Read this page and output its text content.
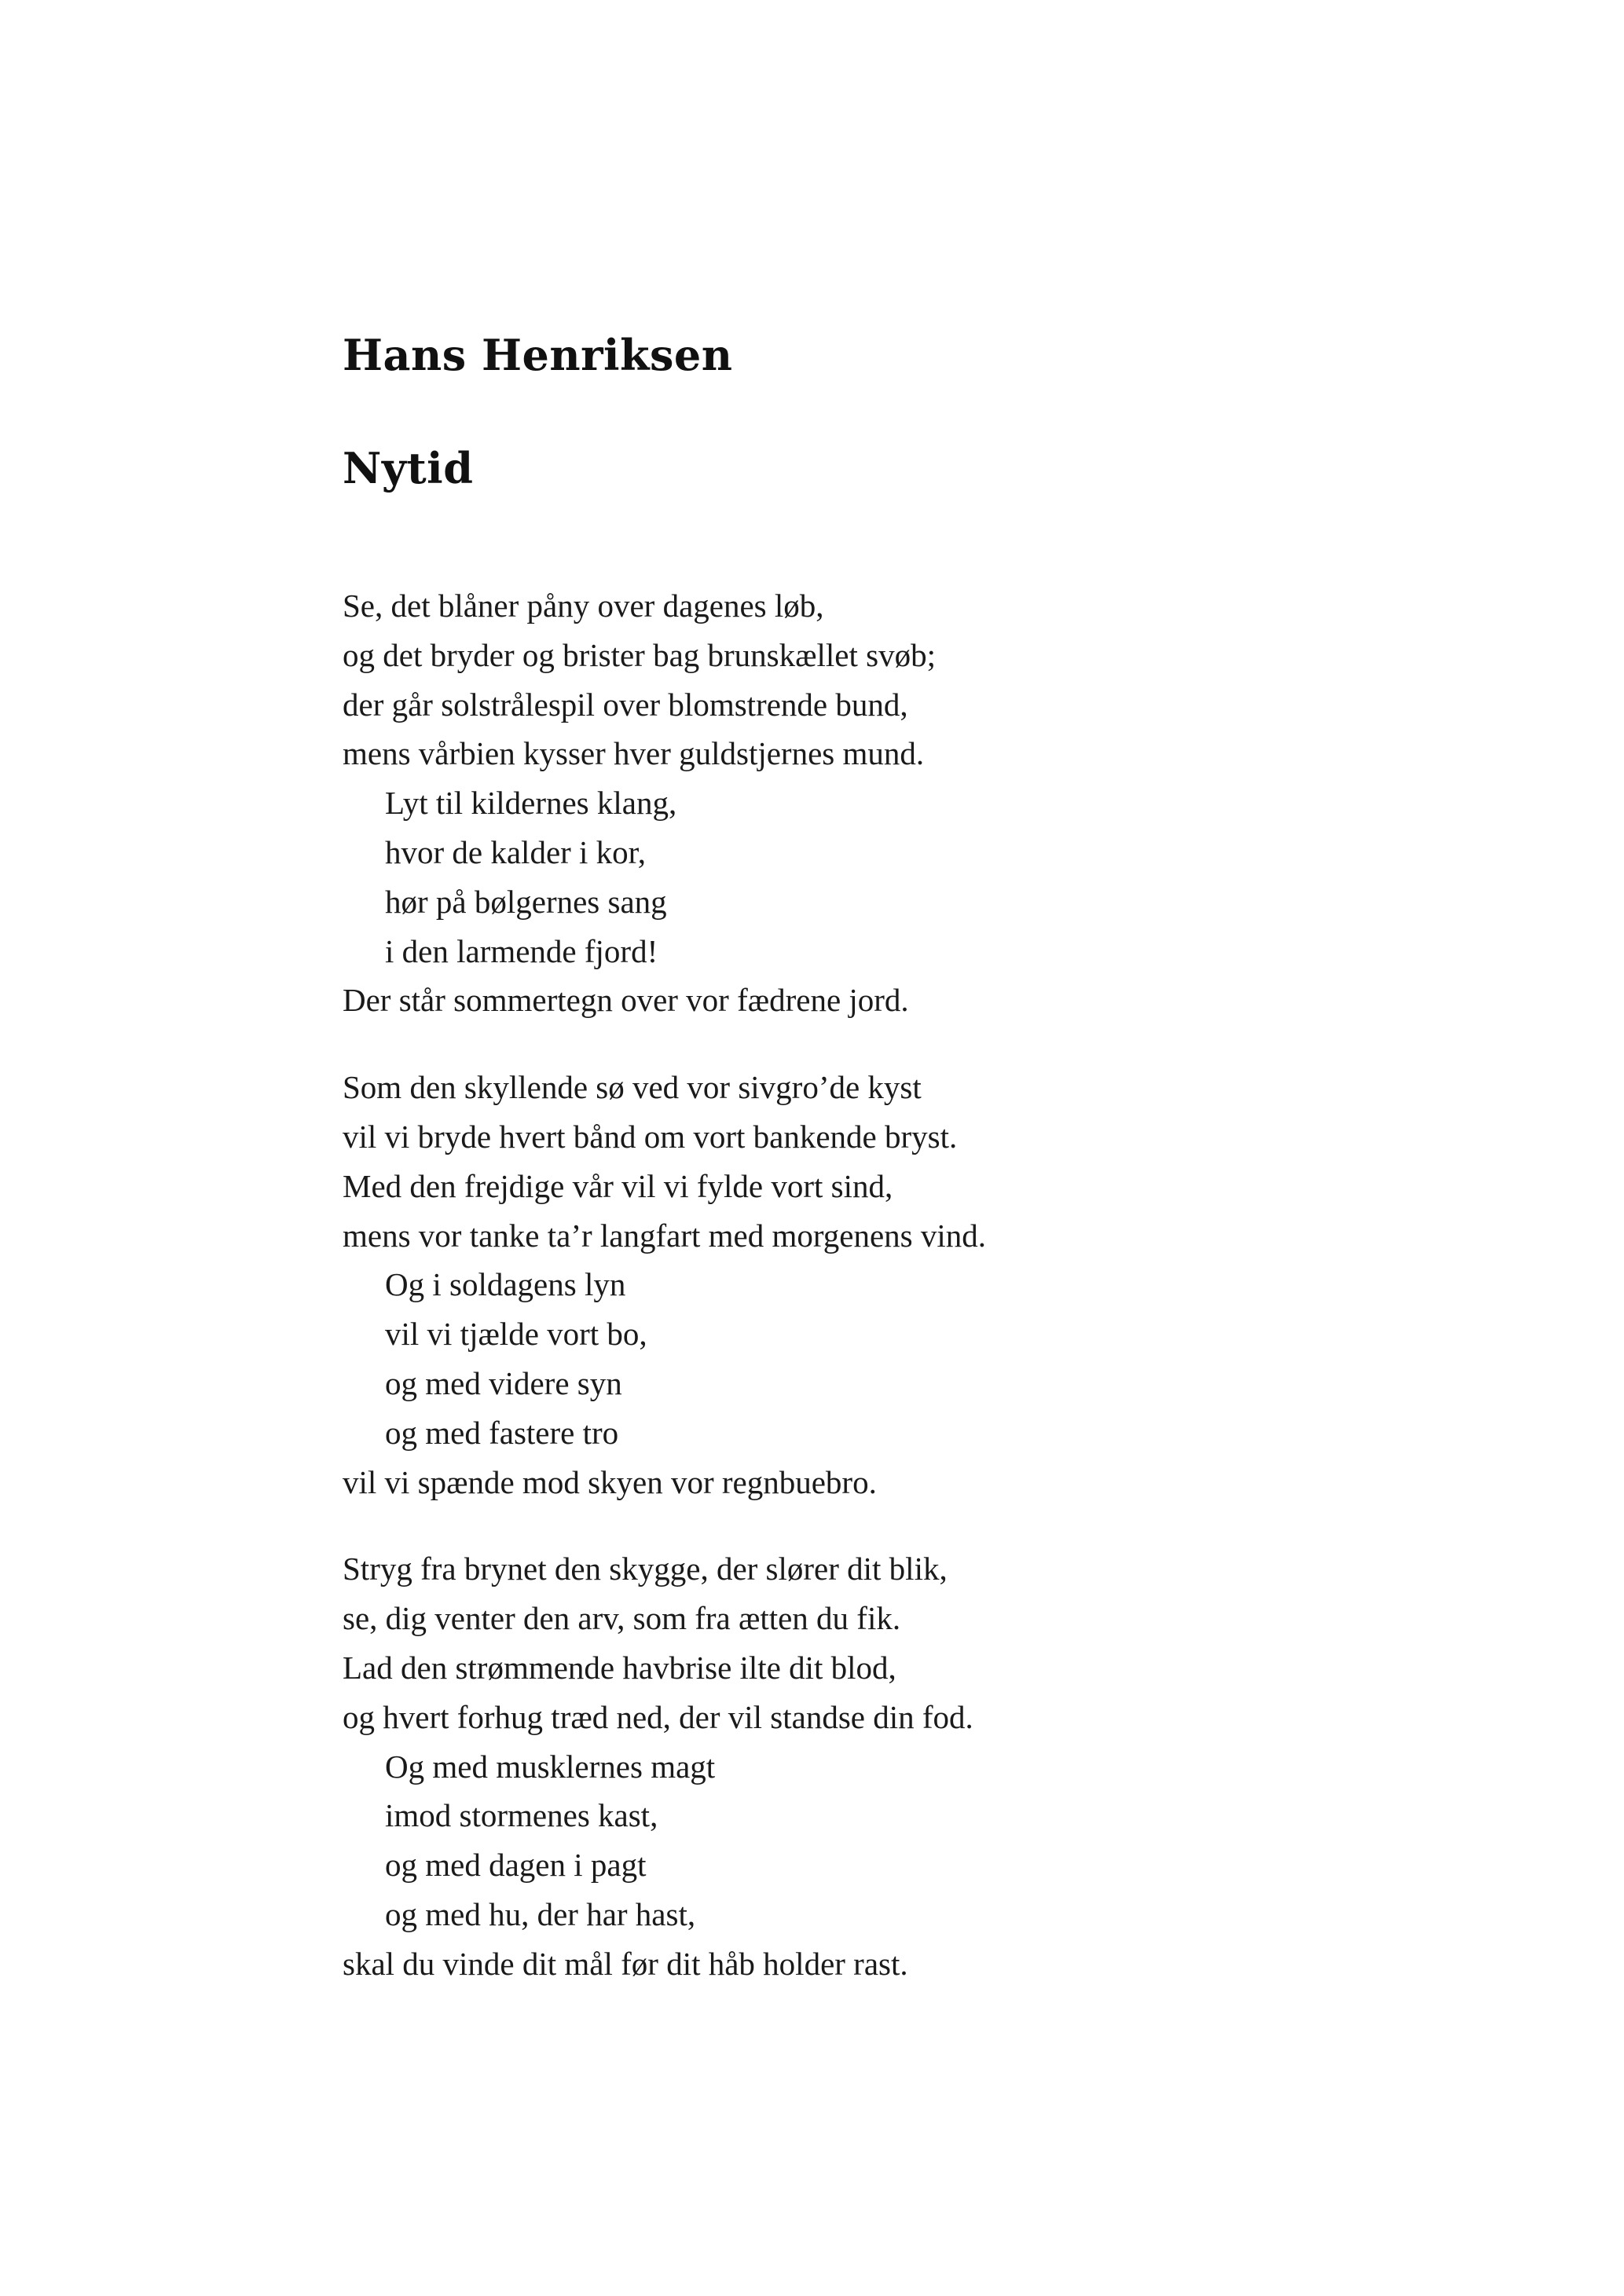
Hans Henriksen
Nytid
Se, det blåner påny over dagenes løb,
og det bryder og brister bag brunskællet svøb;
der går solstrålespil over blomstrende bund,
mens vårbien kysser hver guldstjernes mund.
Lyt til kildernes klang,
hvor de kalder i kor,
hør på bølgernes sang
i den larmende fjord!
Der står sommertegn over vor fædrene jord.
Som den skyllende sø ved vor sivgro’de kyst
vil vi bryde hvert bånd om vort bankende bryst.
Med den frejdige vår vil vi fylde vort sind,
mens vor tanke ta’r langfart med morgenens vind.
Og i soldagens lyn
vil vi tjælde vort bo,
og med videre syn
og med fastere tro
vil vi spænde mod skyen vor regnbuebro.
Stryg fra brynet den skygge, der slører dit blik,
se, dig venter den arv, som fra ætten du fik.
Lad den strømmende havbrise ilte dit blod,
og hvert forhug træd ned, der vil standse din fod.
Og med musklernes magt
imod stormenes kast,
og med dagen i pagt
og med hu, der har hast,
skal du vinde dit mål før dit håb holder rast.
